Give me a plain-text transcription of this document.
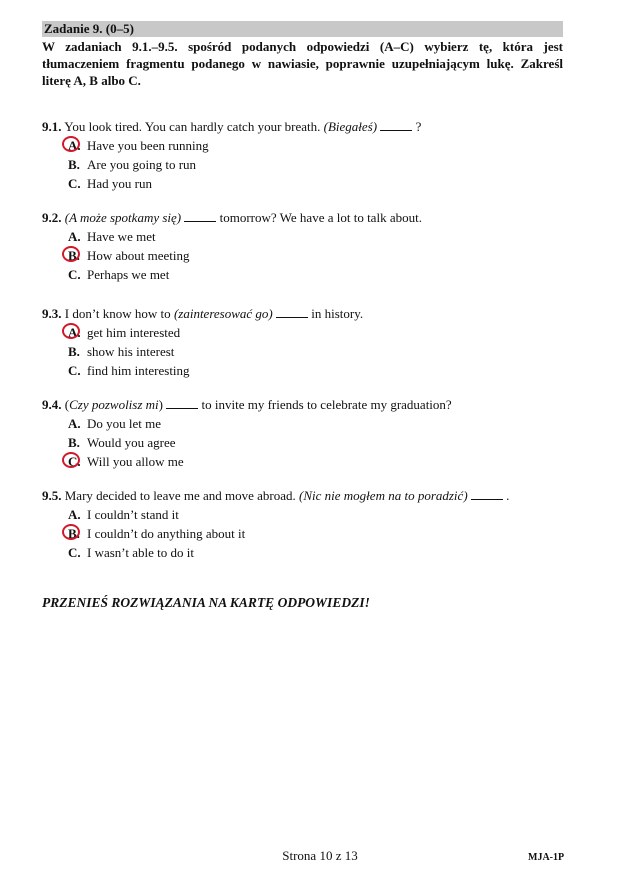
Zadanie 9. (0–5)
W zadaniach 9.1.–9.5. spośród podanych odpowiedzi (A–C) wybierz tę, która jest tłumaczeniem fragmentu podanego w nawiasie, poprawnie uzupełniającym lukę. Zakreśl literę A, B albo C.
9.1. You look tired. You can hardly catch your breath. (Biegałeś)	?
A. Have you been running
B. Are you going to run
C. Had you run
9.2. (A może spotkamy się)	tomorrow? We have a lot to talk about.
A. Have we met
B. How about meeting
C. Perhaps we met
9.3. I don’t know how to (zainteresować go)	in history.
A. get him interested
B. show his interest
C. find him interesting
9.4. (Czy pozwolisz mi)	to invite my friends to celebrate my graduation?
A. Do you let me
B. Would you agree
C. Will you allow me
9.5. Mary decided to leave me and move abroad. (Nic nie mogłem na to poradzić)	.
A. I couldn’t stand it
B. I couldn’t do anything about it
C. I wasn’t able to do it
PRZENIEŚ ROZWIĄZANIA NA KARTĘ ODPOWIEDZI!
Strona 10 z 13	MJA-1P
